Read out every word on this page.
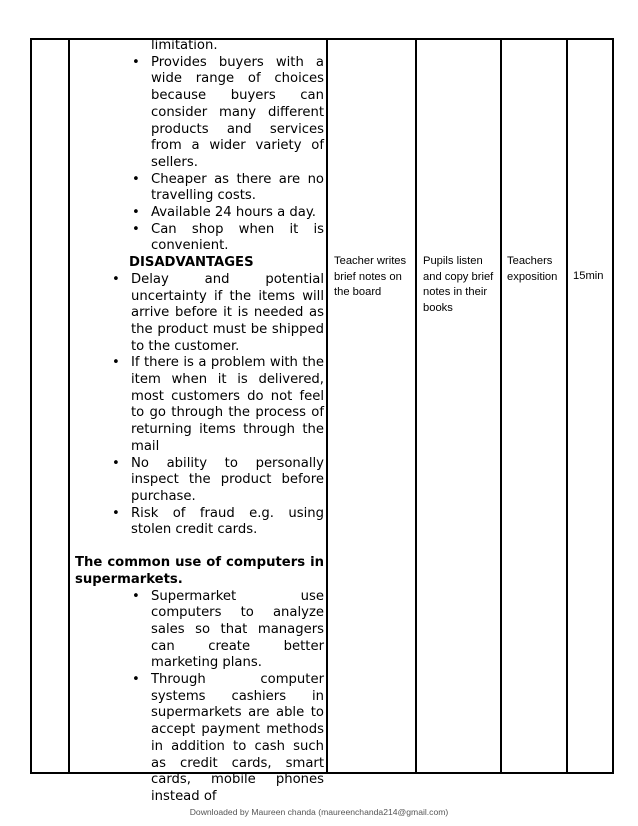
limitation.
• Provides buyers with a wide range of choices because buyers can consider many different products and services from a wider variety of sellers.
• Cheaper as there are no travelling costs.
• Available 24 hours a day.
• Can shop when it is convenient.
DISADVANTAGES
• Delay and potential uncertainty if the items will arrive before it is needed as the product must be shipped to the customer.
• If there is a problem with the item when it is delivered, most customers do not feel to go through the process of returning items through the mail
• No ability to personally inspect the product before purchase.
• Risk of fraud e.g. using stolen credit cards.
The common use of computers in supermarkets.
• Supermarket use computers to analyze sales so that managers can create better marketing plans.
• Through computer systems cashiers in supermarkets are able to accept payment methods in addition to cash such as credit cards, smart cards, mobile phones instead of
Teacher writes brief notes on the board
Pupils listen and copy brief notes in their books
Teachers exposition	15min
Downloaded by Maureen chanda (maureenchanda214@gmail.com)
